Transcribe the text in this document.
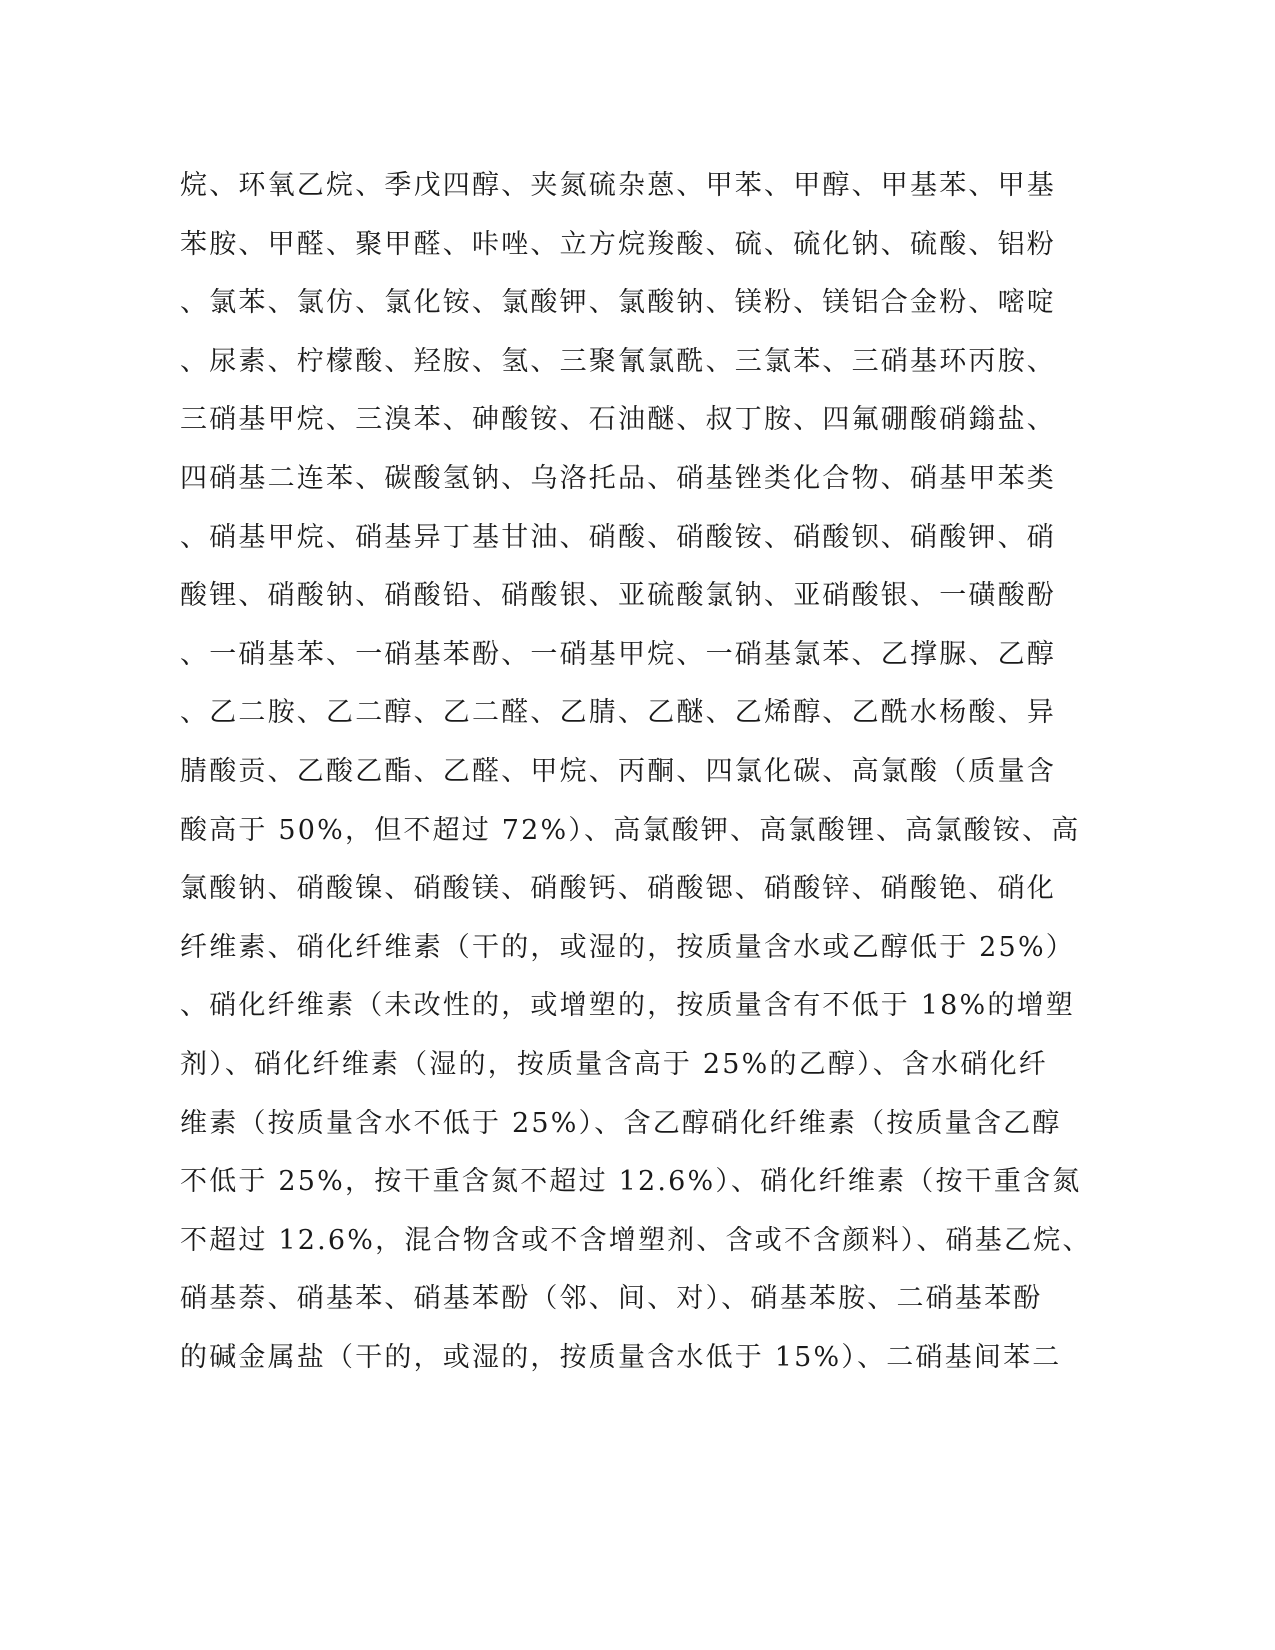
烷、环氧乙烷、季戊四醇、夹氮硫杂蒽、甲苯、甲醇、甲基苯、甲基
苯胺、甲醛、聚甲醛、咔唑、立方烷羧酸、硫、硫化钠、硫酸、铝粉
、氯苯、氯仿、氯化铵、氯酸钾、氯酸钠、镁粉、镁铝合金粉、嘧啶
、尿素、柠檬酸、羟胺、氢、三聚氰氯酰、三氯苯、三硝基环丙胺、
三硝基甲烷、三溴苯、砷酸铵、石油醚、叔丁胺、四氟硼酸硝鎓盐、
四硝基二连苯、碳酸氢钠、乌洛托品、硝基锉类化合物、硝基甲苯类
、硝基甲烷、硝基异丁基甘油、硝酸、硝酸铵、硝酸钡、硝酸钾、硝
酸锂、硝酸钠、硝酸铅、硝酸银、亚硫酸氯钠、亚硝酸银、一磺酸酚
、一硝基苯、一硝基苯酚、一硝基甲烷、一硝基氯苯、乙撑脲、乙醇
、乙二胺、乙二醇、乙二醛、乙腈、乙醚、乙烯醇、乙酰水杨酸、异
腈酸贡、乙酸乙酯、乙醛、甲烷、丙酮、四氯化碳、高氯酸（质量含
酸高于 50%，但不超过 72%）、高氯酸钾、高氯酸锂、高氯酸铵、高
氯酸钠、硝酸镍、硝酸镁、硝酸钙、硝酸锶、硝酸锌、硝酸铯、硝化
纤维素、硝化纤维素（干的，或湿的，按质量含水或乙醇低于 25%）
、硝化纤维素（未改性的，或增塑的，按质量含有不低于 18%的增塑
剂）、硝化纤维素（湿的，按质量含高于 25%的乙醇）、含水硝化纤
维素（按质量含水不低于 25%）、含乙醇硝化纤维素（按质量含乙醇
不低于 25%，按干重含氮不超过 12.6%）、硝化纤维素（按干重含氮
不超过 12.6%，混合物含或不含增塑剂、含或不含颜料）、硝基乙烷、
硝基萘、硝基苯、硝基苯酚（邻、间、对）、硝基苯胺、二硝基苯酚
的碱金属盐（干的，或湿的，按质量含水低于 15%）、二硝基间苯二
